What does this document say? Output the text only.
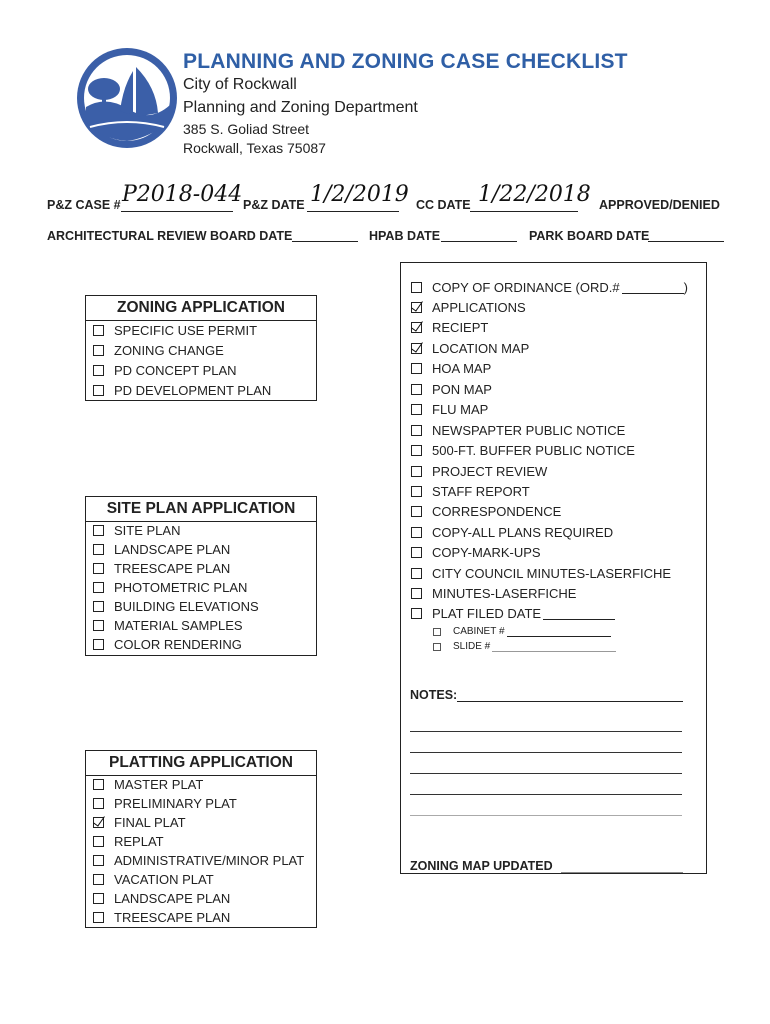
PLANNING AND ZONING CASE CHECKLIST
City of Rockwall
Planning and Zoning Department
385 S. Goliad Street
Rockwall, Texas 75087
P&Z CASE # P2018-044 P&Z DATE 1/2/2019 CC DATE 1/22/2018 APPROVED/DENIED
ARCHITECTURAL REVIEW BOARD DATE	HPAB DATE	PARK BOARD DATE
ZONING APPLICATION
SPECIFIC USE PERMIT
ZONING CHANGE
PD CONCEPT PLAN
PD DEVELOPMENT PLAN
SITE PLAN APPLICATION
SITE PLAN
LANDSCAPE PLAN
TREESCAPE PLAN
PHOTOMETRIC PLAN
BUILDING ELEVATIONS
MATERIAL SAMPLES
COLOR RENDERING
PLATTING APPLICATION
MASTER PLAT
PRELIMINARY PLAT
FINAL PLAT
REPLAT
ADMINISTRATIVE/MINOR PLAT
VACATION PLAT
LANDSCAPE PLAN
TREESCAPE PLAN
COPY OF ORDINANCE (ORD.#	)
APPLICATIONS
RECIEPT
LOCATION MAP
HOA MAP
PON MAP
FLU MAP
NEWSPAPTER PUBLIC NOTICE
500-FT. BUFFER PUBLIC NOTICE
PROJECT REVIEW
STAFF REPORT
CORRESPONDENCE
COPY-ALL PLANS REQUIRED
COPY-MARK-UPS
CITY COUNCIL MINUTES-LASERFICHE
MINUTES-LASERFICHE
PLAT FILED DATE
CABINET #
SLIDE #
NOTES:
ZONING MAP UPDATED
